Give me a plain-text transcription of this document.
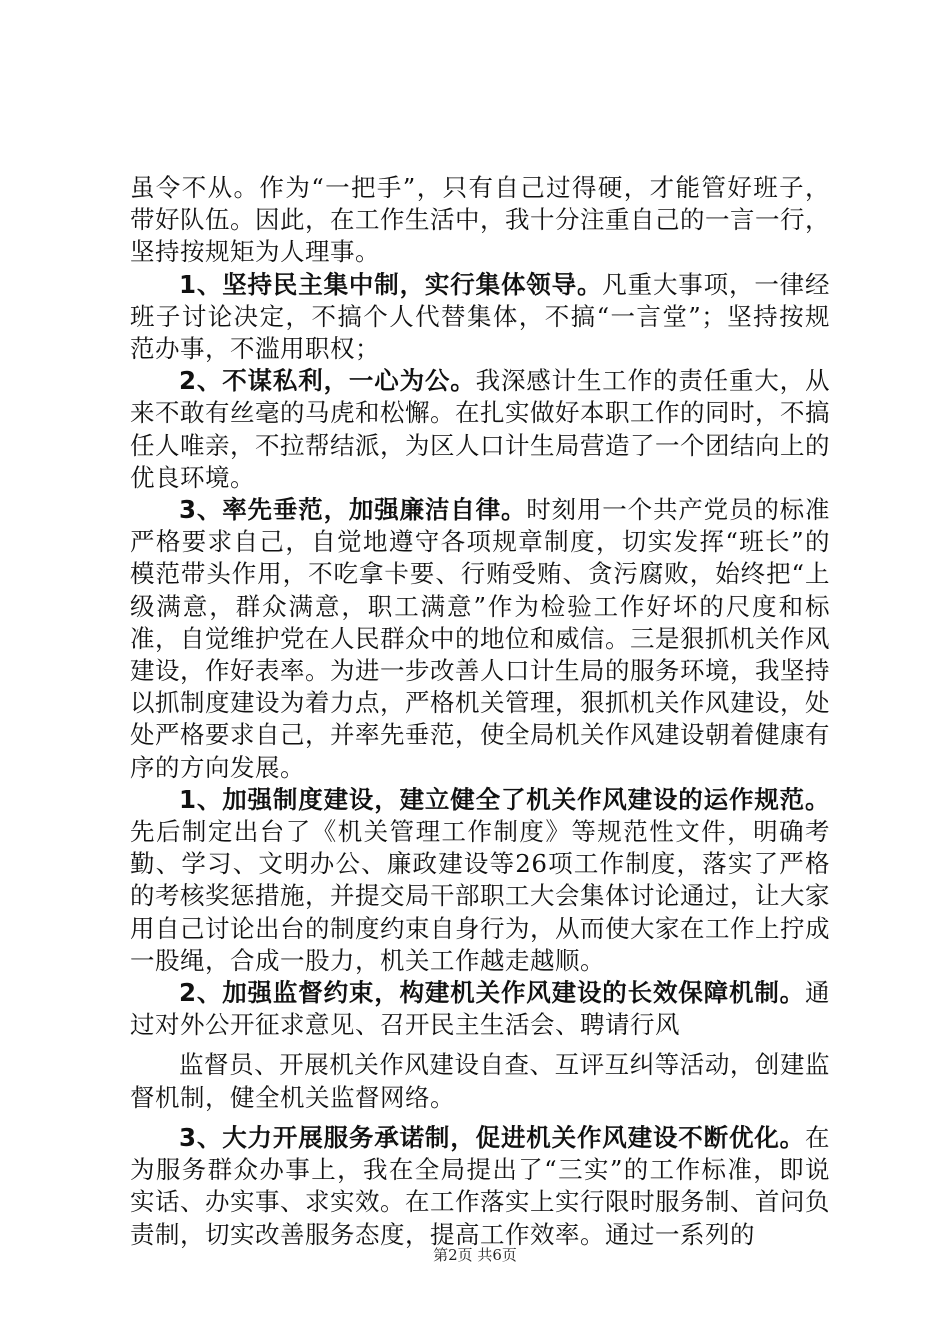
虽令不从。作为“一把手”，只有自己过得硬，才能管好班子，带好队伍。因此，在工作生活中，我十分注重自己的一言一行，坚持按规矩为人理事。

1、坚持民主集中制，实行集体领导。凡重大事项，一律经班子讨论决定，不搞个人代替集体，不搞“一言堂”；坚持按规范办事，不滥用职权；

2、不谋私利，一心为公。我深感计生工作的责任重大，从来不敢有丝毫的马虎和松懈。在扎实做好本职工作的同时，不搞任人唯亲，不拉帮结派，为区人口计生局营造了一个团结向上的优良环境。

3、率先垂范，加强廉洁自律。时刻用一个共产党员的标准严格要求自己，自觉地遵守各项规章制度，切实发挥“班长”的模范带头作用，不吃拿卡要、行贿受贿、贪污腐败，始终把“上级满意，群众满意，职工满意”作为检验工作好坏的尺度和标准，自觉维护党在人民群众中的地位和威信。三是狠抓机关作风建设，作好表率。为进一步改善人口计生局的服务环境，我坚持以抓制度建设为着力点，严格机关管理，狠抓机关作风建设，处处严格要求自己，并率先垂范，使全局机关作风建设朝着健康有序的方向发展。

1、加强制度建设，建立健全了机关作风建设的运作规范。先后制定出台了《机关管理工作制度》等规范性文件，明确考勤、学习、文明办公、廉政建设等26项工作制度，落实了严格的考核奖惩措施，并提交局干部职工大会集体讨论通过，让大家用自己讨论出台的制度约束自身行为，从而使大家在工作上拧成一股绳，合成一股力，机关工作越走越顺。

2、加强监督约束，构建机关作风建设的长效保障机制。通过对外公开征求意见、召开民主生活会、聘请行风

监督员、开展机关作风建设自查、互评互纠等活动，创建监督机制，健全机关监督网络。

3、大力开展服务承诺制，促进机关作风建设不断优化。在为服务群众办事上，我在全局提出了“三实”的工作标准，即说实话、办实事、求实效。在工作落实上实行限时服务制、首问负责制，切实改善服务态度，提高工作效率。通过一系列的

第2页 共6页
